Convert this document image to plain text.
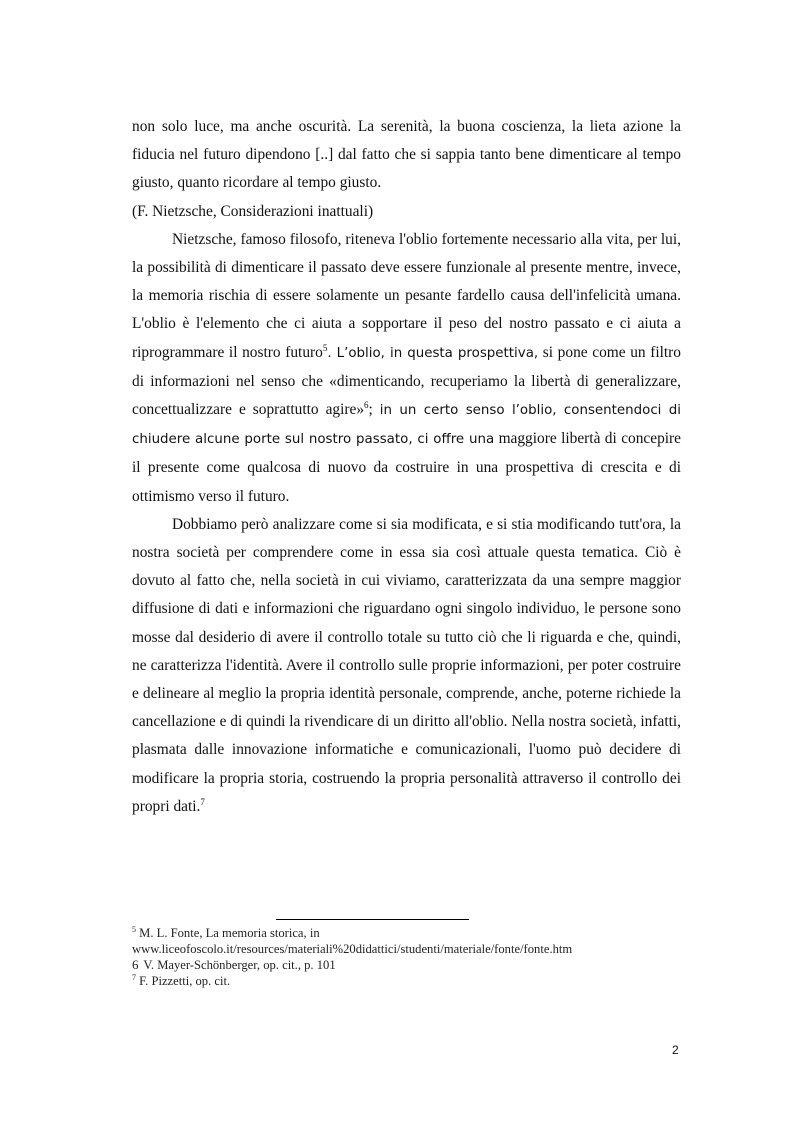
non solo luce, ma anche oscurità. La serenità, la buona coscienza, la lieta azione la fiducia nel futuro dipendono [..] dal fatto che si sappia tanto bene dimenticare al tempo giusto, quanto ricordare al tempo giusto.

(F. Nietzsche, Considerazioni inattuali)

Nietzsche, famoso filosofo, riteneva l'oblio fortemente necessario alla vita, per lui, la possibilità di dimenticare il passato deve essere funzionale al presente mentre, invece, la memoria rischia di essere solamente un pesante fardello causa dell'infelicità umana. L'oblio è l'elemento che ci aiuta a sopportare il peso del nostro passato e ci aiuta a riprogrammare il nostro futuro$^5$. L’oblio, in questa prospettiva, si pone come un filtro di informazioni nel senso che «dimenticando, recuperiamo la libertà di generalizzare, concettualizzare e soprattutto agire»$^6$; in un certo senso l’oblio, consentendoci di chiudere alcune porte sul nostro passato, ci offre una maggiore libertà di concepire il presente come qualcosa di nuovo da costruire in una prospettiva di crescita e di ottimismo verso il futuro.

Dobbiamo però analizzare come si sia modificata, e si stia modificando tutt'ora, la nostra società per comprendere come in essa sia così attuale questa tematica. Ciò è dovuto al fatto che, nella società in cui viviamo, caratterizzata da una sempre maggior diffusione di dati e informazioni che riguardano ogni singolo individuo, le persone sono mosse dal desiderio di avere il controllo totale su tutto ciò che li riguarda e che, quindi, ne caratterizza l'identità. Avere il controllo sulle proprie informazioni, per poter costruire e delineare al meglio la propria identità personale, comprende, anche, poterne richiede la cancellazione e di quindi la rivendicare di un diritto all'oblio. Nella nostra società, infatti, plasmata dalle innovazione informatiche e comunicazionali, l'uomo può decidere di modificare la propria storia, costruendo la propria personalità attraverso il controllo dei propri dati.$^7$

$^5$ M. L. Fonte, La memoria storica, in
www.liceofoscolo.it/resources/materiali%20didattici/studenti/materiale/fonte/fonte.htm

6 V. Mayer-Schönberger, op. cit., p. 101

$^7$ F. Pizzetti, op. cit.

2
